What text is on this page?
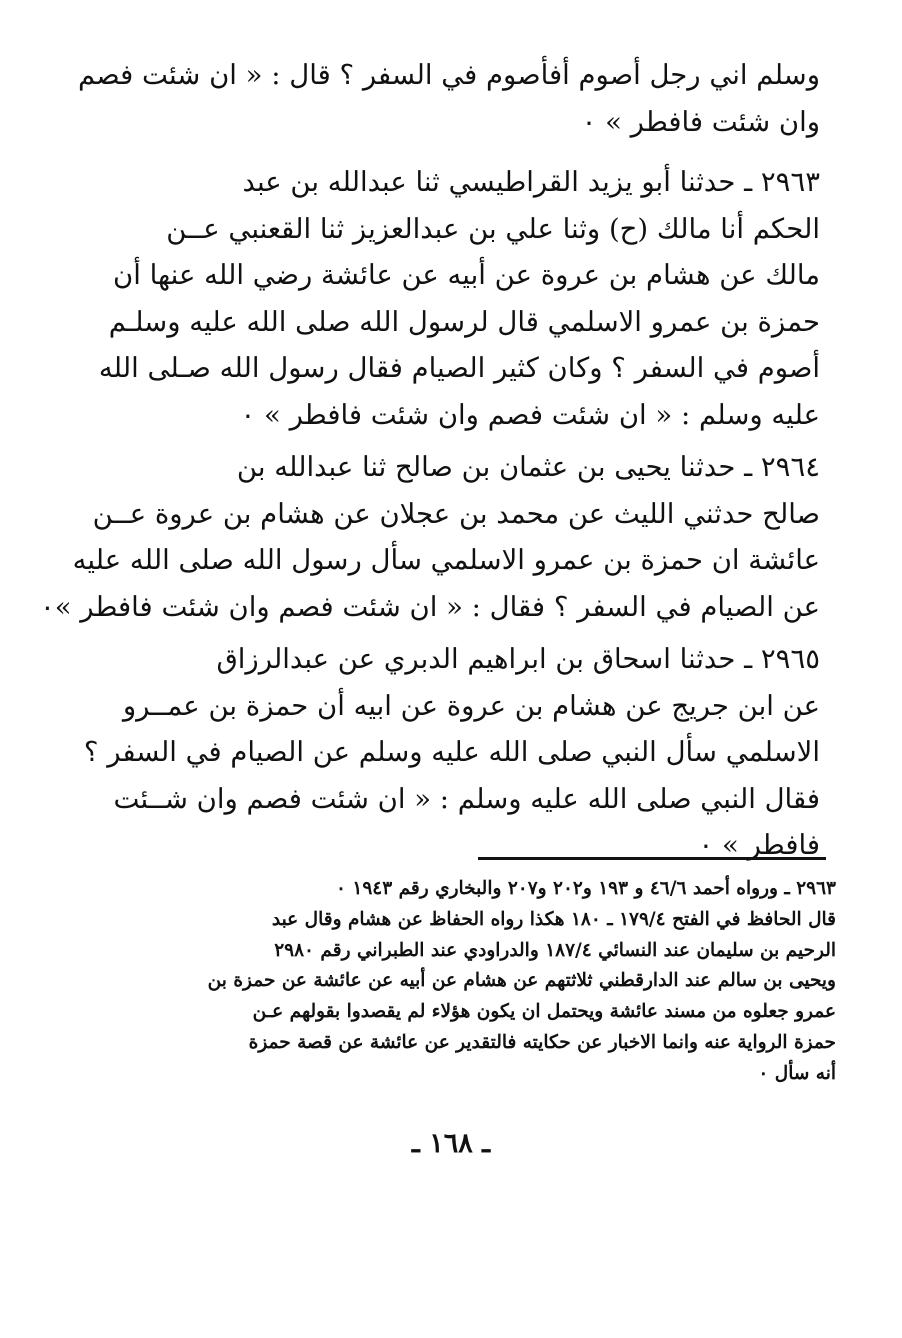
وسلم اني رجل أصوم أفأصوم في السفر ؟ قال : « ان شئت فصم
وان شئت فافطر » ٠
٢٩٦٣ ـ حدثنا أبو يزيد القراطيسي ثنا عبدالله بن عبد
الحكم أنا مالك (ح) وثنا علي بن عبدالعزيز ثنا القعنبي عــن
مالك عن هشام بن عروة عن أبيه عن عائشة رضي الله عنها أن
حمزة بن عمرو الاسلمي قال لرسول الله صلى الله عليه وسلـم
أصوم في السفر ؟ وكان كثير الصيام فقال رسول الله صـلى الله
عليه وسلم : « ان شئت فصم وان شئت فافطر » ٠
٢٩٦٤ ـ حدثنا يحيى بن عثمان بن صالح ثنا عبدالله بن
صالح حدثني الليث عن محمد بن عجلان عن هشام بن عروة عــن
عائشة ان حمزة بن عمرو الاسلمي سأل رسول الله صلى الله عليه
عن الصيام في السفر ؟ فقال : « ان شئت فصم وان شئت فافطر »٠
٢٩٦٥ ـ حدثنا اسحاق بن ابراهيم الدبري عن عبدالرزاق
عن ابن جريج عن هشام بن عروة عن ابيه أن حمزة بن عمــرو
الاسلمي سأل النبي صلى الله عليه وسلم عن الصيام في السفر ؟
فقال النبي صلى الله عليه وسلم : « ان شئت فصم وان شــئت
فافطر » ٠
٢٩٦٣ ـ ورواه أحمد ٤٦/٦ و ١٩٣ و٢٠٢ و٢٠٧ والبخاري رقم ١٩٤٣ ٠
قال الحافظ في الفتح ١٧٩/٤ ـ ١٨٠ هكذا رواه الحفاظ عن هشام وقال عبد
الرحيم بن سليمان عند النسائي ١٨٧/٤ والدراودي عند الطبراني رقم ٢٩٨٠
ويحيى بن سالم عند الدارقطني ثلاثتهم عن هشام عن أبيه عن عائشة عن حمزة بن
عمرو جعلوه من مسند عائشة ويحتمل ان يكون هؤلاء لم يقصدوا بقولهم عـن
حمزة الرواية عنه وانما الاخبار عن حكايته فالتقدير عن عائشة عن قصة حمزة
أنه سأل ٠
ـ ١٦٨ ـ
